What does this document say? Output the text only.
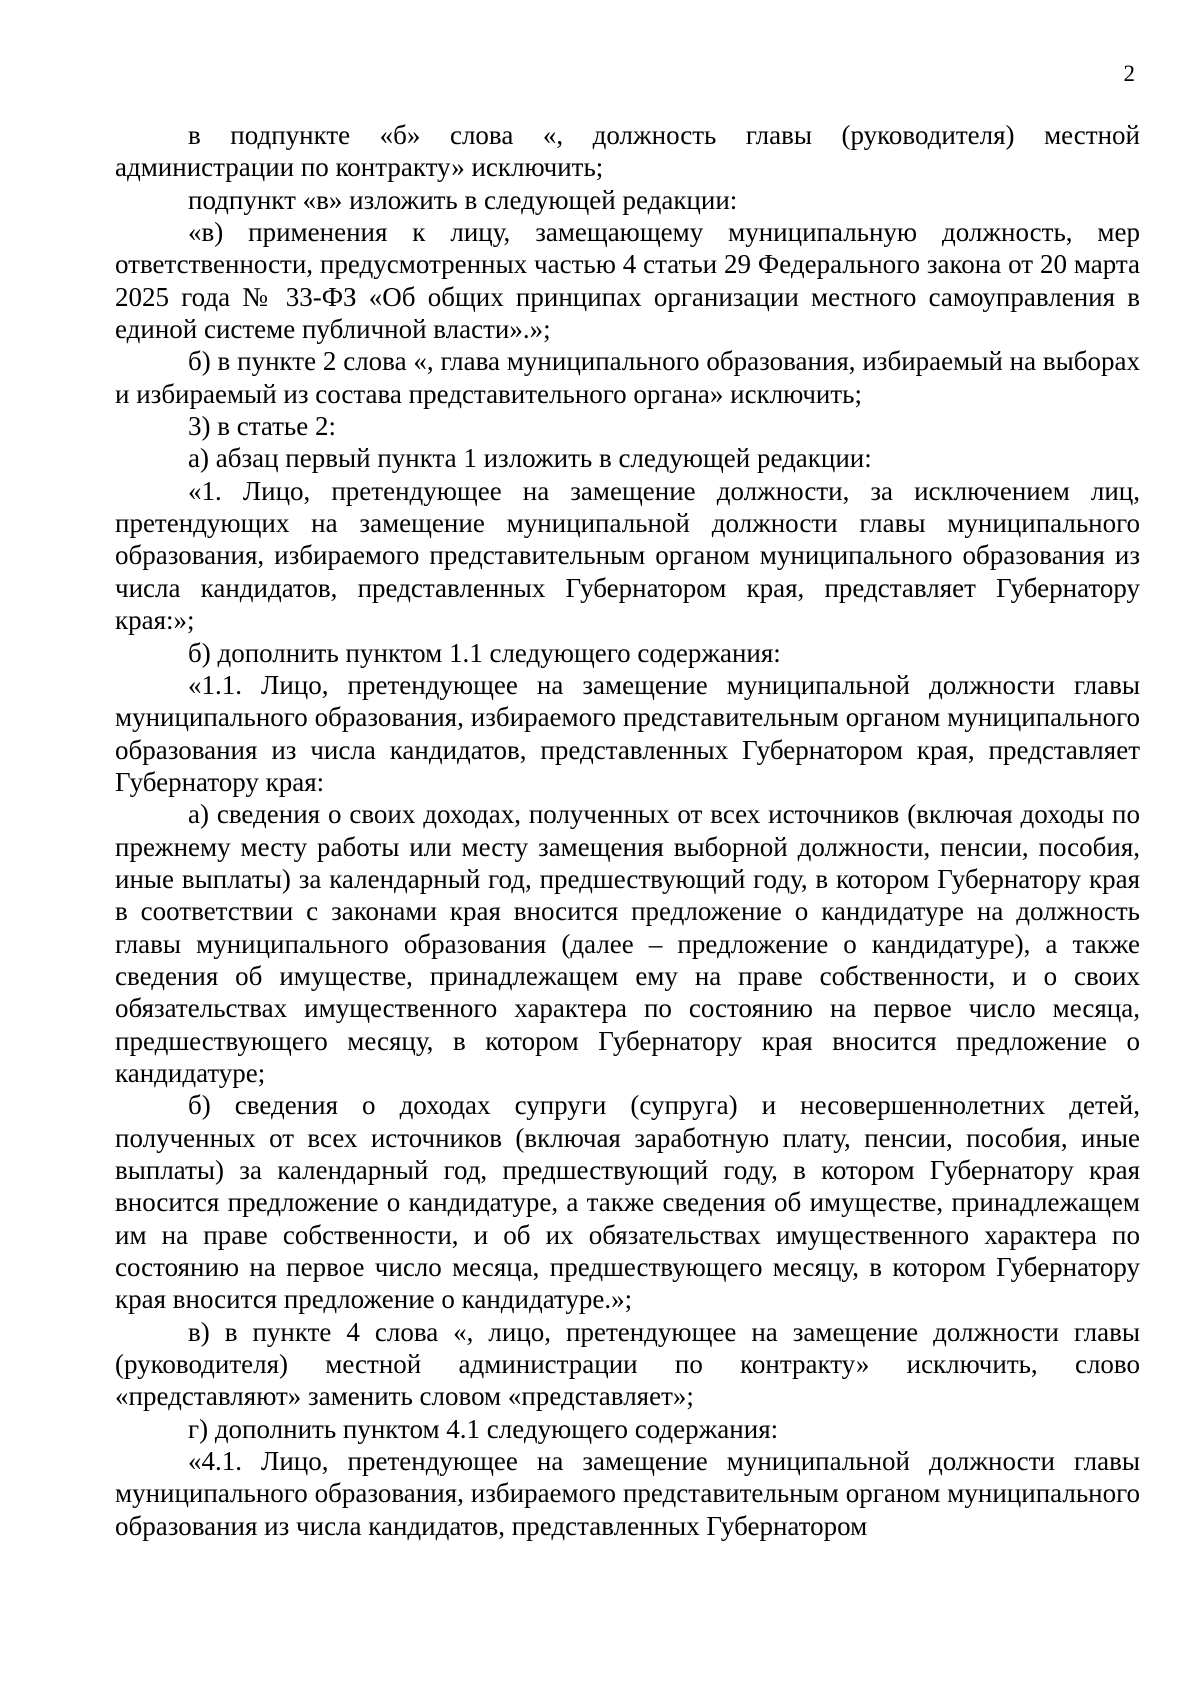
2

в подпункте «б» слова «, должность главы (руководителя) местной администрации по контракту» исключить;

подпункт «в» изложить в следующей редакции:

«в) применения к лицу, замещающему муниципальную должность, мер ответственности, предусмотренных частью 4 статьи 29 Федерального закона от 20 марта 2025 года № 33-ФЗ «Об общих принципах организации местного самоуправления в единой системе публичной власти».»;

б) в пункте 2 слова «, глава муниципального образования, избираемый на выборах и избираемый из состава представительного органа» исключить;

3) в статье 2:

а) абзац первый пункта 1 изложить в следующей редакции:

«1. Лицо, претендующее на замещение должности, за исключением лиц, претендующих на замещение муниципальной должности главы муниципального образования, избираемого представительным органом муниципального образования из числа кандидатов, представленных Губернатором края, представляет Губернатору края:»;

б) дополнить пунктом 1.1 следующего содержания:

«1.1. Лицо, претендующее на замещение муниципальной должности главы муниципального образования, избираемого представительным органом муниципального образования из числа кандидатов, представленных Губернатором края, представляет Губернатору края:

а) сведения о своих доходах, полученных от всех источников (включая доходы по прежнему месту работы или месту замещения выборной должности, пенсии, пособия, иные выплаты) за календарный год, предшествующий году, в котором Губернатору края в соответствии с законами края вносится предложение о кандидатуре на должность главы муниципального образования (далее – предложение о кандидатуре), а также сведения об имуществе, принадлежащем ему на праве собственности, и о своих обязательствах имущественного характера по состоянию на первое число месяца, предшествующего месяцу, в котором Губернатору края вносится предложение о кандидатуре;

б) сведения о доходах супруги (супруга) и несовершеннолетних детей, полученных от всех источников (включая заработную плату, пенсии, пособия, иные выплаты) за календарный год, предшествующий году, в котором Губернатору края вносится предложение о кандидатуре, а также сведения об имуществе, принадлежащем им на праве собственности, и об их обязательствах имущественного характера по состоянию на первое число месяца, предшествующего месяцу, в котором Губернатору края вносится предложение о кандидатуре.»;

в) в пункте 4 слова «, лицо, претендующее на замещение должности главы (руководителя) местной администрации по контракту» исключить, слово «представляют» заменить словом «представляет»;

г) дополнить пунктом 4.1 следующего содержания:

«4.1. Лицо, претендующее на замещение муниципальной должности главы муниципального образования, избираемого представительным органом муниципального образования из числа кандидатов, представленных Губернатором
